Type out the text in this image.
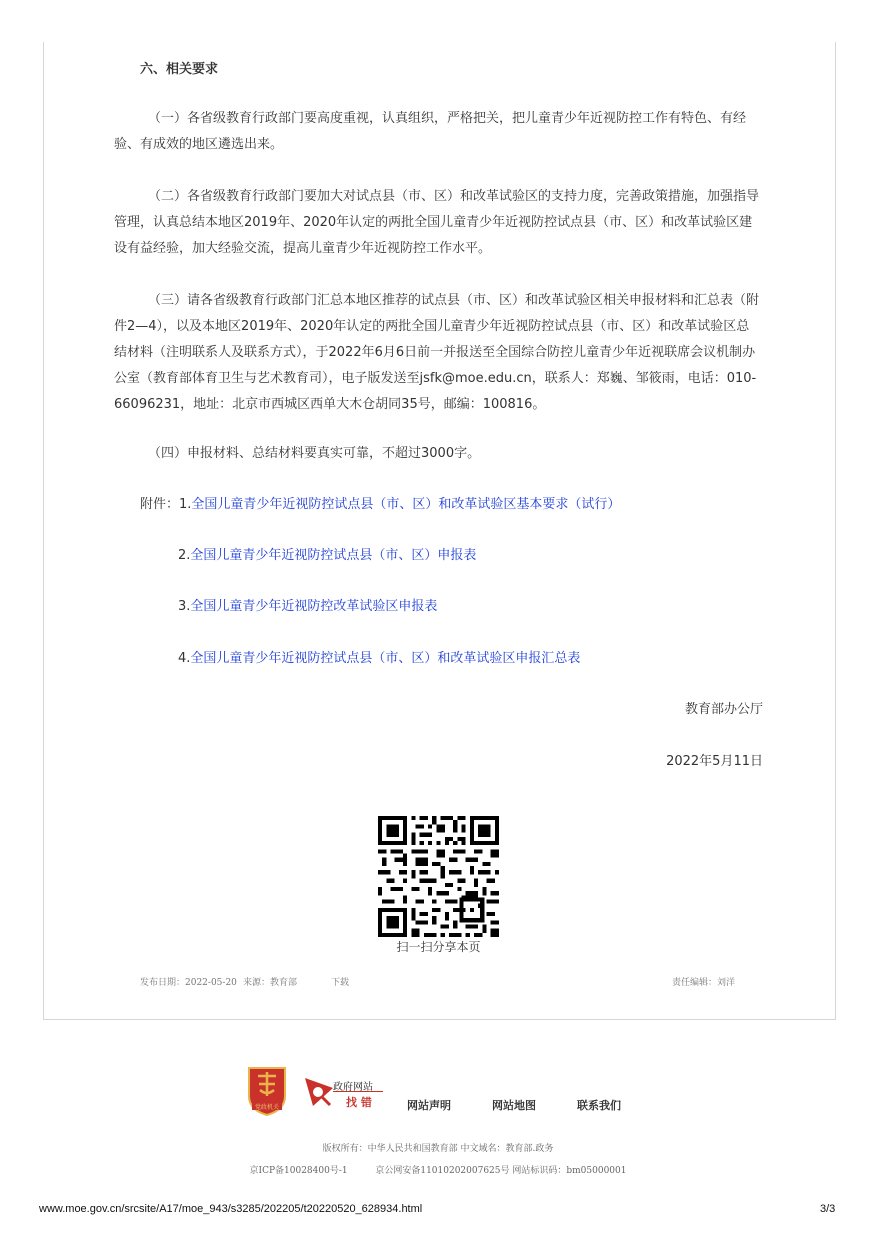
六、相关要求

（一）各省级教育行政部门要高度重视，认真组织，严格把关，把儿童青少年近视防控工作有特色、有经验、有成效的地区遴选出来。

（二）各省级教育行政部门要加大对试点县（市、区）和改革试验区的支持力度，完善政策措施，加强指导管理，认真总结本地区2019年、2020年认定的两批全国儿童青少年近视防控试点县（市、区）和改革试验区建设有益经验，加大经验交流，提高儿童青少年近视防控工作水平。

（三）请各省级教育行政部门汇总本地区推荐的试点县（市、区）和改革试验区相关申报材料和汇总表（附件2—4），以及本地区2019年、2020年认定的两批全国儿童青少年近视防控试点县（市、区）和改革试验区总结材料（注明联系人及联系方式），于2022年6月6日前一并报送至全国综合防控儿童青少年近视联席会议机制办公室（教育部体育卫生与艺术教育司），电子版发送至jsfk@moe.edu.cn，联系人：郑巍、邹筱雨，电话：010-66096231，地址：北京市西城区西单大木仓胡同35号，邮编：100816。

（四）申报材料、总结材料要真实可靠，不超过3000字。

附件：1.全国儿童青少年近视防控试点县（市、区）和改革试验区基本要求（试行）
2.全国儿童青少年近视防控试点县（市、区）申报表
3.全国儿童青少年近视防控改革试验区申报表
4.全国儿童青少年近视防控试点县（市、区）和改革试验区申报汇总表
教育部办公厅
2022年5月11日
扫一扫分享本页
发布日期：2022-05-20 来源：教育部	下载	责任编辑：刘洋
党政机关
政府网站
找 错	网站声明	网站地图	联系我们
版权所有：中华人民共和国教育部 中文域名：教育部.政务
京ICP备10028400号-1	京公网安备11010202007625号 网站标识码：bm05000001
www.moe.gov.cn/srcsite/A17/moe_943/s3285/202205/t20220520_628934.html	3/3
